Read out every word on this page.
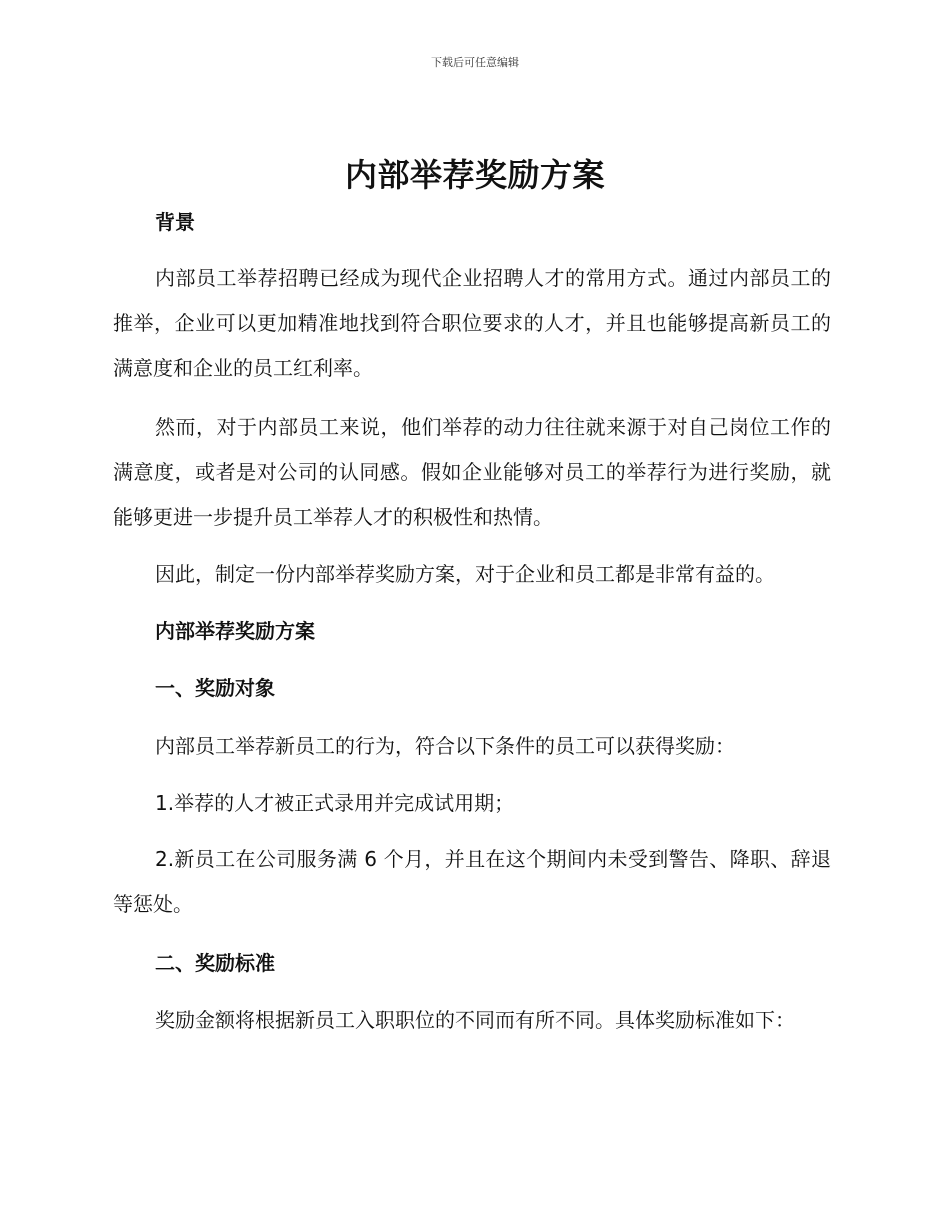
下载后可任意编辑
内部举荐奖励方案

背景

内部员工举荐招聘已经成为现代企业招聘人才的常用方式。通过内部员工的推举，企业可以更加精准地找到符合职位要求的人才，并且也能够提高新员工的满意度和企业的员工红利率。

然而，对于内部员工来说，他们举荐的动力往往就来源于对自己岗位工作的满意度，或者是对公司的认同感。假如企业能够对员工的举荐行为进行奖励，就能够更进一步提升员工举荐人才的积极性和热情。

因此，制定一份内部举荐奖励方案，对于企业和员工都是非常有益的。

内部举荐奖励方案

一、奖励对象

内部员工举荐新员工的行为，符合以下条件的员工可以获得奖励：

1.举荐的人才被正式录用并完成试用期；

2.新员工在公司服务满 6 个月，并且在这个期间内未受到警告、降职、辞退等惩处。

二、奖励标准

奖励金额将根据新员工入职职位的不同而有所不同。具体奖励标准如下：
